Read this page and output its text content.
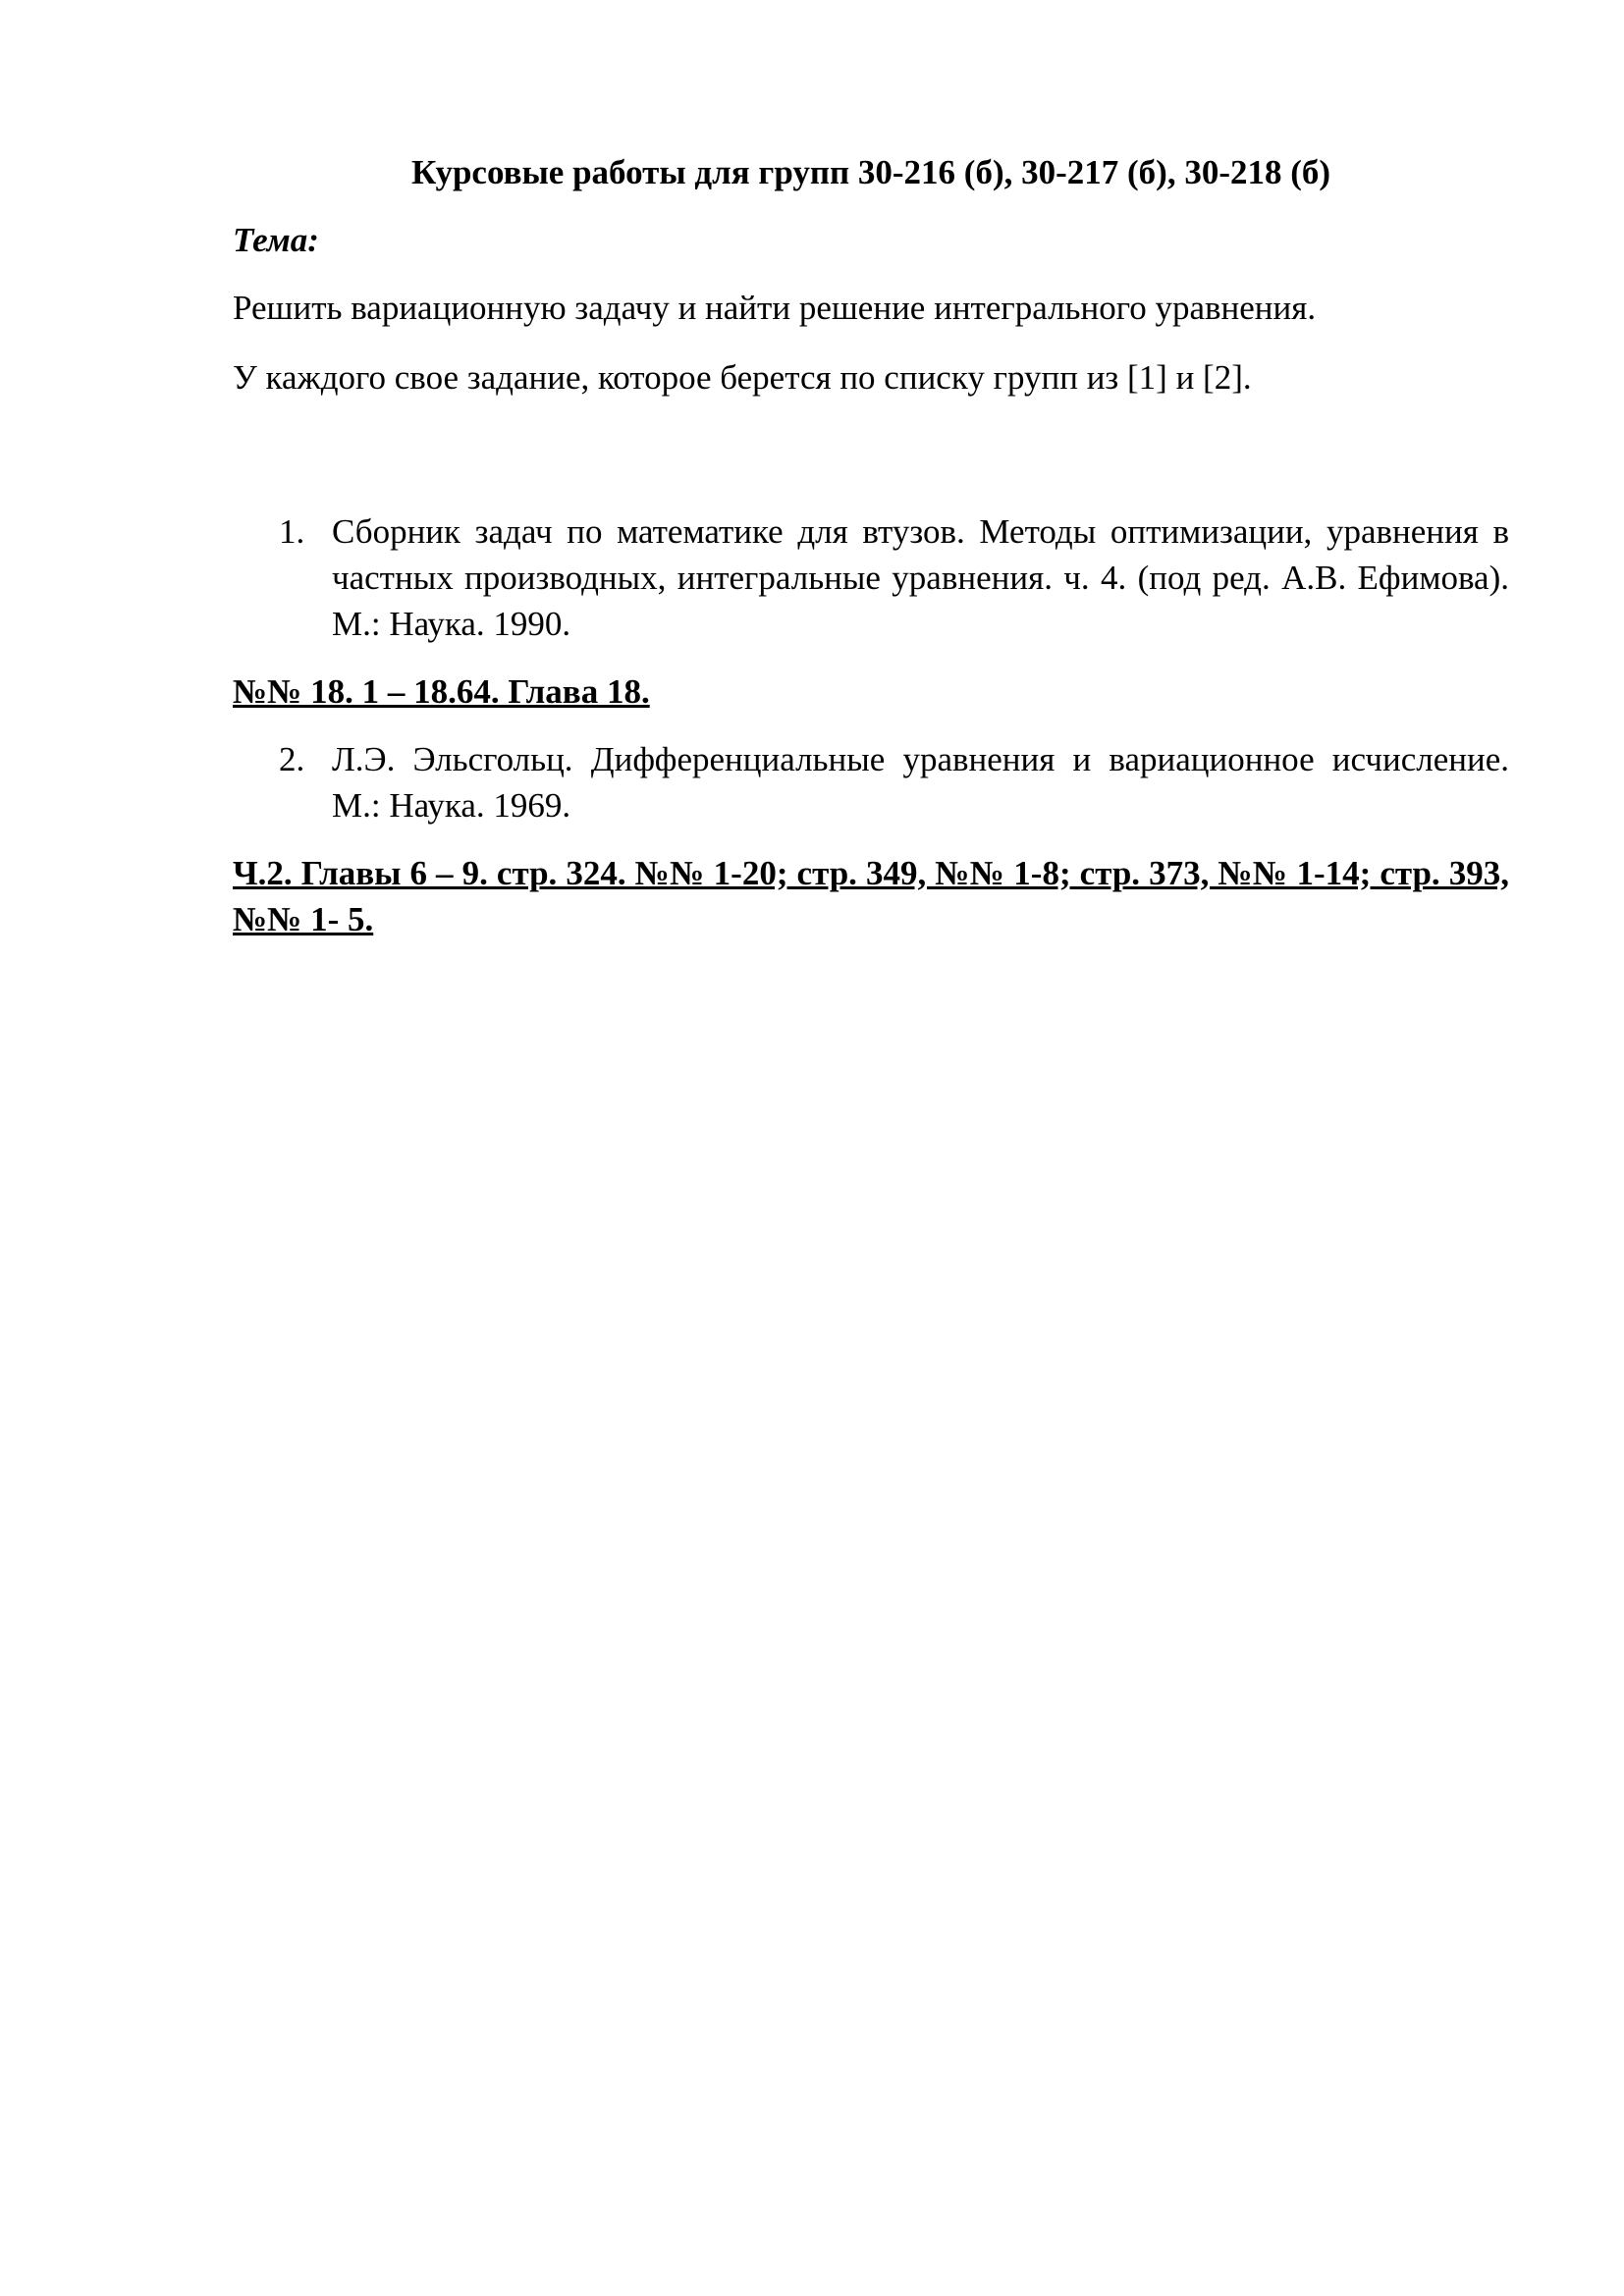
Курсовые работы для групп 30-216 (б), 30-217 (б), 30-218 (б)

Тема:

Решить вариационную задачу и найти решение интегрального уравнения.

У каждого свое задание, которое берется по списку групп из [1] и [2].

1. Сборник задач по математике для втузов. Методы оптимизации, уравнения в частных производных, интегральные уравнения. ч. 4. (под ред. А.В. Ефимова). М.: Наука. 1990.

№№ 18. 1 – 18.64. Глава 18.

2. Л.Э. Эльсгольц. Дифференциальные уравнения и вариационное исчисление. М.: Наука. 1969.

Ч.2. Главы 6 – 9. стр. 324. №№ 1-20; стр. 349, №№ 1-8; стр. 373, №№ 1-14; стр. 393, №№ 1- 5.
